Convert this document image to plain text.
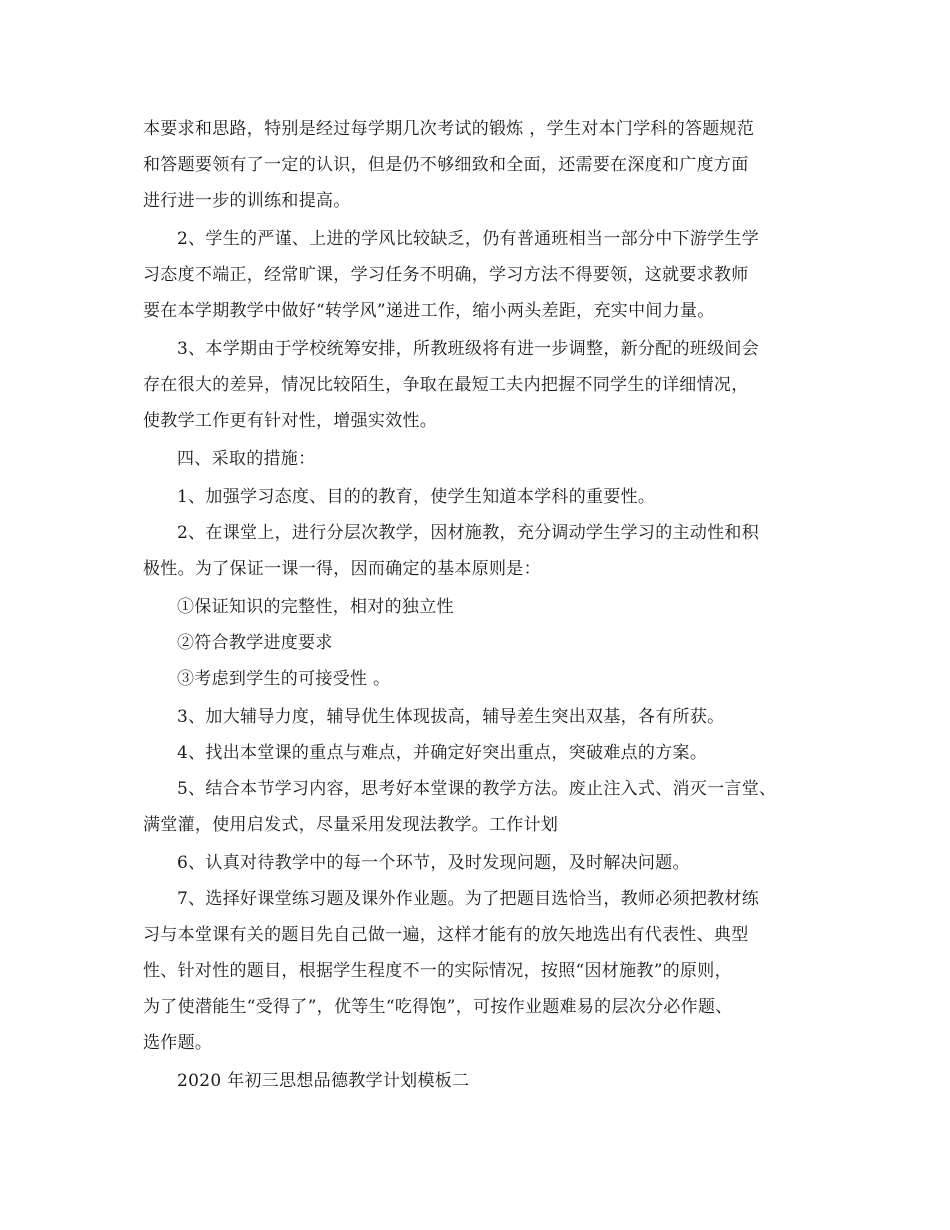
本要求和思路，特别是经过每学期几次考试的锻炼 ，学生对本门学科的答题规范
和答题要领有了一定的认识，但是仍不够细致和全面，还需要在深度和广度方面
进行进一步的训练和提高。
2、学生的严谨、上进的学风比较缺乏，仍有普通班相当一部分中下游学生学
习态度不端正，经常旷课，学习任务不明确，学习方法不得要领，这就要求教师
要在本学期教学中做好“转学风”递进工作，缩小两头差距，充实中间力量。
3、本学期由于学校统筹安排，所教班级将有进一步调整，新分配的班级间会
存在很大的差异，情况比较陌生，争取在最短工夫内把握不同学生的详细情况，
使教学工作更有针对性，增强实效性。
四、采取的措施：
1、加强学习态度、目的的教育，使学生知道本学科的重要性。
2、在课堂上，进行分层次教学，因材施教，充分调动学生学习的主动性和积
极性。为了保证一课一得，因而确定的基本原则是：
①保证知识的完整性，相对的独立性
②符合教学进度要求
③考虑到学生的可接受性 。
3、加大辅导力度，辅导优生体现拔高，辅导差生突出双基，各有所获。
4、找出本堂课的重点与难点，并确定好突出重点，突破难点的方案。
5、结合本节学习内容，思考好本堂课的教学方法。废止注入式、消灭一言堂、
满堂灌，使用启发式，尽量采用发现法教学。工作计划
6、认真对待教学中的每一个环节，及时发现问题，及时解决问题。
7、选择好课堂练习题及课外作业题。为了把题目选恰当，教师必须把教材练
习与本堂课有关的题目先自己做一遍，这样才能有的放矢地选出有代表性、典型
性、针对性的题目，根据学生程度不一的实际情况，按照“因材施教”的原则，
为了使潜能生“受得了”，优等生“吃得饱”，可按作业题难易的层次分必作题、
选作题。
2020 年初三思想品德教学计划模板二
